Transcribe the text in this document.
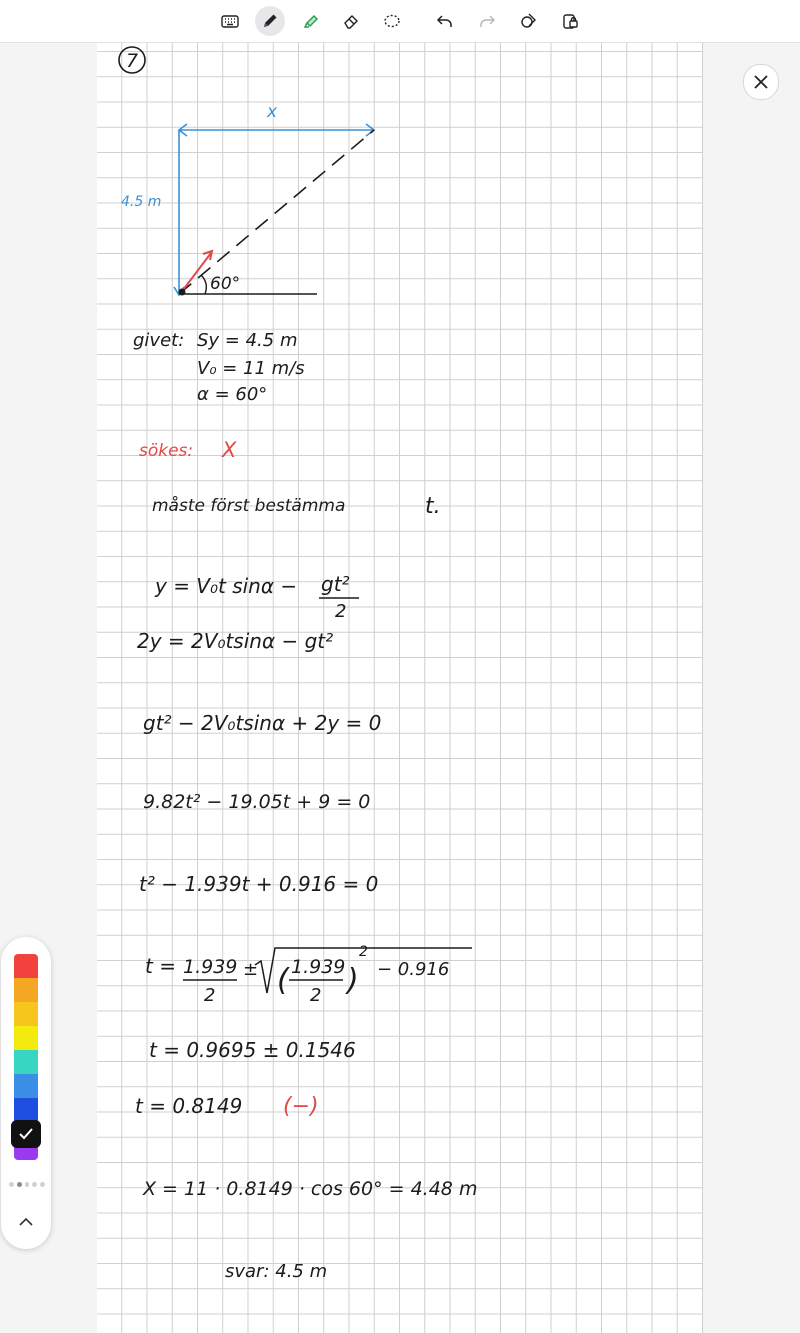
7
x
4.5 m
60°
givet: Sy = 4.5 m
V₀ = 11 m/s
α = 60°
sökes: X
måste först bestämma	t.
y = V₀t sinα − gt²
2
2y = 2V₀tsinα − gt²
gt² − 2V₀tsinα + 2y = 0
9.82t² − 19.05t + 9 = 0
t² − 1.939t + 0.916 = 0
t = 1.939
2
± ( 1.939
2 )
2
− 0.916
t = 0.9695 ± 0.1546
t = 0.8149 (−)
X = 11 · 0.8149 · cos 60° = 4.48 m
svar: 4.5 m
